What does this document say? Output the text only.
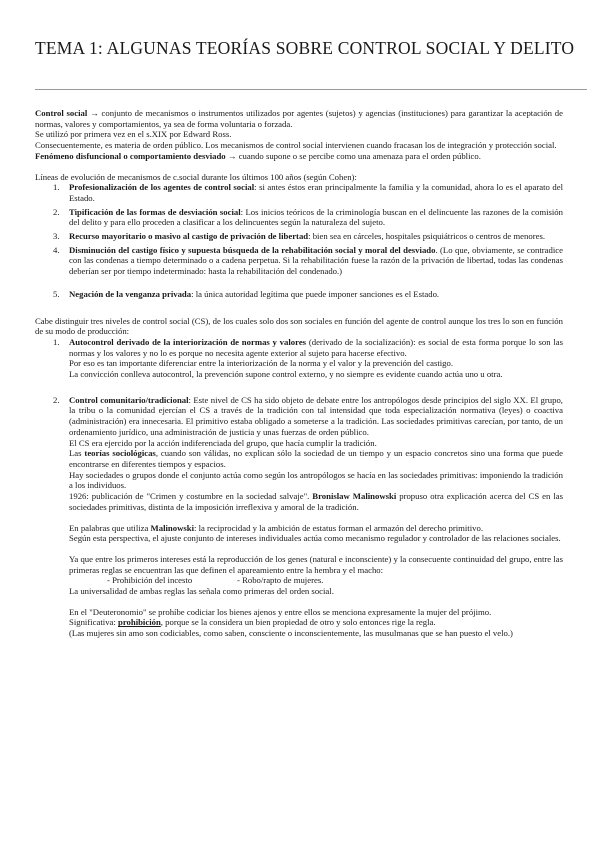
TEMA 1: ALGUNAS TEORÍAS SOBRE CONTROL SOCIAL Y DELITO

Control social → conjunto de mecanismos o instrumentos utilizados por agentes (sujetos) y agencias (instituciones) para garantizar la aceptación de normas, valores y comportamientos, ya sea de forma voluntaria o forzada.

Se utilizó por primera vez en el s.XIX por Edward Ross.

Consecuentemente, es materia de orden público. Los mecanismos de control social intervienen cuando fracasan los de integración y protección social.

Fenómeno disfuncional o comportamiento desviado → cuando supone o se percibe como una amenaza para el orden público.

Líneas de evolución de mecanismos de c.social durante los últimos 100 años (según Cohen):

1. Profesionalización de los agentes de control social: si antes éstos eran principalmente la familia y la comunidad, ahora lo es el aparato del Estado.

2. Tipificación de las formas de desviación social: Los inicios teóricos de la criminología buscan en el delincuente las razones de la comisión del delito y para ello proceden a clasificar a los delincuentes según la naturaleza del sujeto.

3. Recurso mayoritario o masivo al castigo de privación de libertad: bien sea en cárceles, hospitales psiquiátricos o centros de menores.

4. Disminución del castigo físico y supuesta búsqueda de la rehabilitación social y moral del desviado. (Lo que, obviamente, se contradice con las condenas a tiempo determinado o a cadena perpetua. Si la rehabilitación fuese la razón de la privación de libertad, todas las condenas deberían ser por tiempo indeterminado: hasta la rehabilitación del condenado.)

5. Negación de la venganza privada: la única autoridad legítima que puede imponer sanciones es el Estado.

Cabe distinguir tres niveles de control social (CS), de los cuales solo dos son sociales en función del agente de control aunque los tres lo son en función de su modo de producción:

1. Autocontrol derivado de la interiorización de normas y valores (derivado de la socialización): es social de esta forma porque lo son las normas y los valores y no lo es porque no necesita agente exterior al sujeto para hacerse efectivo.

Por eso es tan importante diferenciar entre la interiorización de la norma y el valor y la prevención del castigo.

La convicción conlleva autocontrol, la prevención supone control externo, y no siempre es evidente cuando actúa uno u otra.

2. Control comunitario/tradicional: Este nivel de CS ha sido objeto de debate entre los antropólogos desde principios del siglo XX. El grupo, la tribu o la comunidad ejercían el CS a través de la tradición con tal intensidad que toda especialización normativa (leyes) o coactiva (administración) era innecesaria. El primitivo estaba obligado a someterse a la tradición. Las sociedades primitivas carecían, por tanto, de un ordenamiento jurídico, una administración de justicia y unas fuerzas de orden público.

El CS era ejercido por la acción indiferenciada del grupo, que hacía cumplir la tradición.

Las teorías sociológicas, cuando son válidas, no explican sólo la sociedad de un tiempo y un espacio concretos sino una forma que puede encontrarse en diferentes tiempos y espacios.

Hay sociedades o grupos donde el conjunto actúa como según los antropólogos se hacía en las sociedades primitivas: imponiendo la tradición a los individuos.

1926: publicación de "Crimen y costumbre en la sociedad salvaje". Bronislaw Malinowski propuso otra explicación acerca del CS en las sociedades primitivas, distinta de la imposición irreflexiva y amoral de la tradición.

En palabras que utiliza Malinowski: la reciprocidad y la ambición de estatus forman el armazón del derecho primitivo.

Según esta perspectiva, el ajuste conjunto de intereses individuales actúa como mecanismo regulador y controlador de las relaciones sociales.

Ya que entre los primeros intereses está la reproducción de los genes (natural e inconsciente) y la consecuente continuidad del grupo, entre las primeras reglas se encuentran las que definen el apareamiento entre la hembra y el macho:

- Prohibición del incesto	- Robo/rapto de mujeres.

La universalidad de ambas reglas las señala como primeras del orden social.

En el "Deuteronomio" se prohíbe codiciar los bienes ajenos y entre ellos se menciona expresamente la mujer del prójimo.

Significativa: prohibición, porque se la considera un bien propiedad de otro y solo entonces rige la regla.

(Las mujeres sin amo son codiciables, como saben, consciente o inconscientemente, las musulmanas que se han puesto el velo.)
